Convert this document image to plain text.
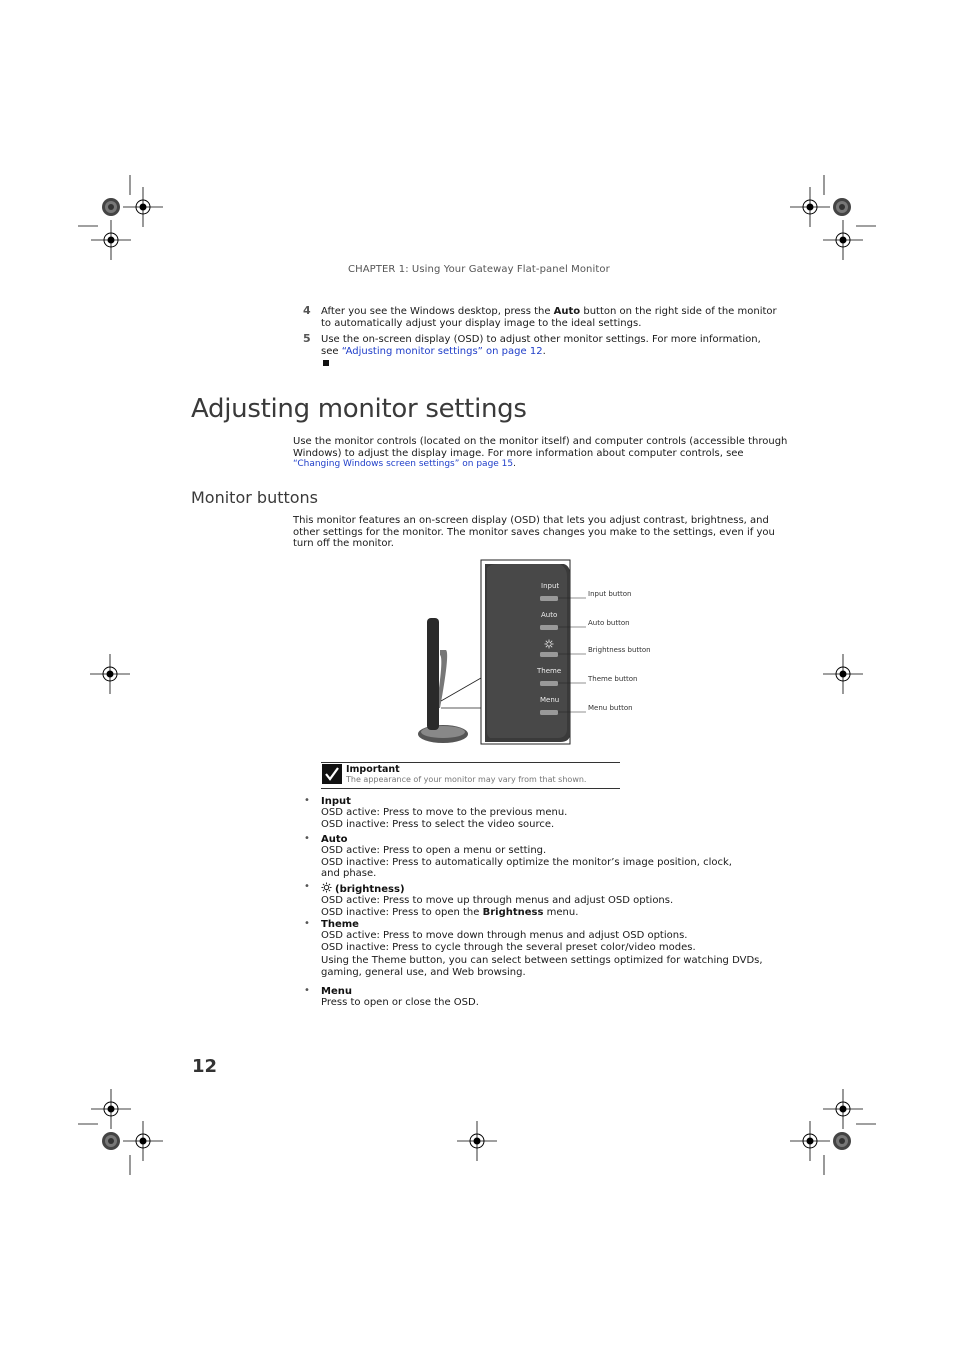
CHAPTER 1: Using Your Gateway Flat-panel Monitor
4 After you see the Windows desktop, press the Auto button on the right side of the monitor
to automatically adjust your display image to the ideal settings.
5 Use the on-screen display (OSD) to adjust other monitor settings. For more information,
see “Adjusting monitor settings” on page 12.
Adjusting monitor settings
Use the monitor controls (located on the monitor itself) and computer controls (accessible through
Windows) to adjust the display image. For more information about computer controls, see
“Changing Windows screen settings” on page 15.
Monitor buttons
This monitor features an on-screen display (OSD) that lets you adjust contrast, brightness, and
other settings for the monitor. The monitor saves changes you make to the settings, even if you
turn off the monitor.
Input
Auto
Theme
Menu
Input button
Auto button
Brightness button
Theme button
Menu button
Important
The appearance of your monitor may vary from that shown.
• Input
OSD active: Press to move to the previous menu.
OSD inactive: Press to select the video source.
• Auto
OSD active: Press to open a menu or setting.
OSD inactive: Press to automatically optimize the monitor’s image position, clock,
and phase.
•	(brightness)
OSD active: Press to move up through menus and adjust OSD options.
OSD inactive: Press to open the Brightness menu.
• Theme
OSD active: Press to move down through menus and adjust OSD options.
OSD inactive: Press to cycle through the several preset color/video modes.
Using the Theme button, you can select between settings optimized for watching DVDs,
gaming, general use, and Web browsing.
• Menu
Press to open or close the OSD.
12
